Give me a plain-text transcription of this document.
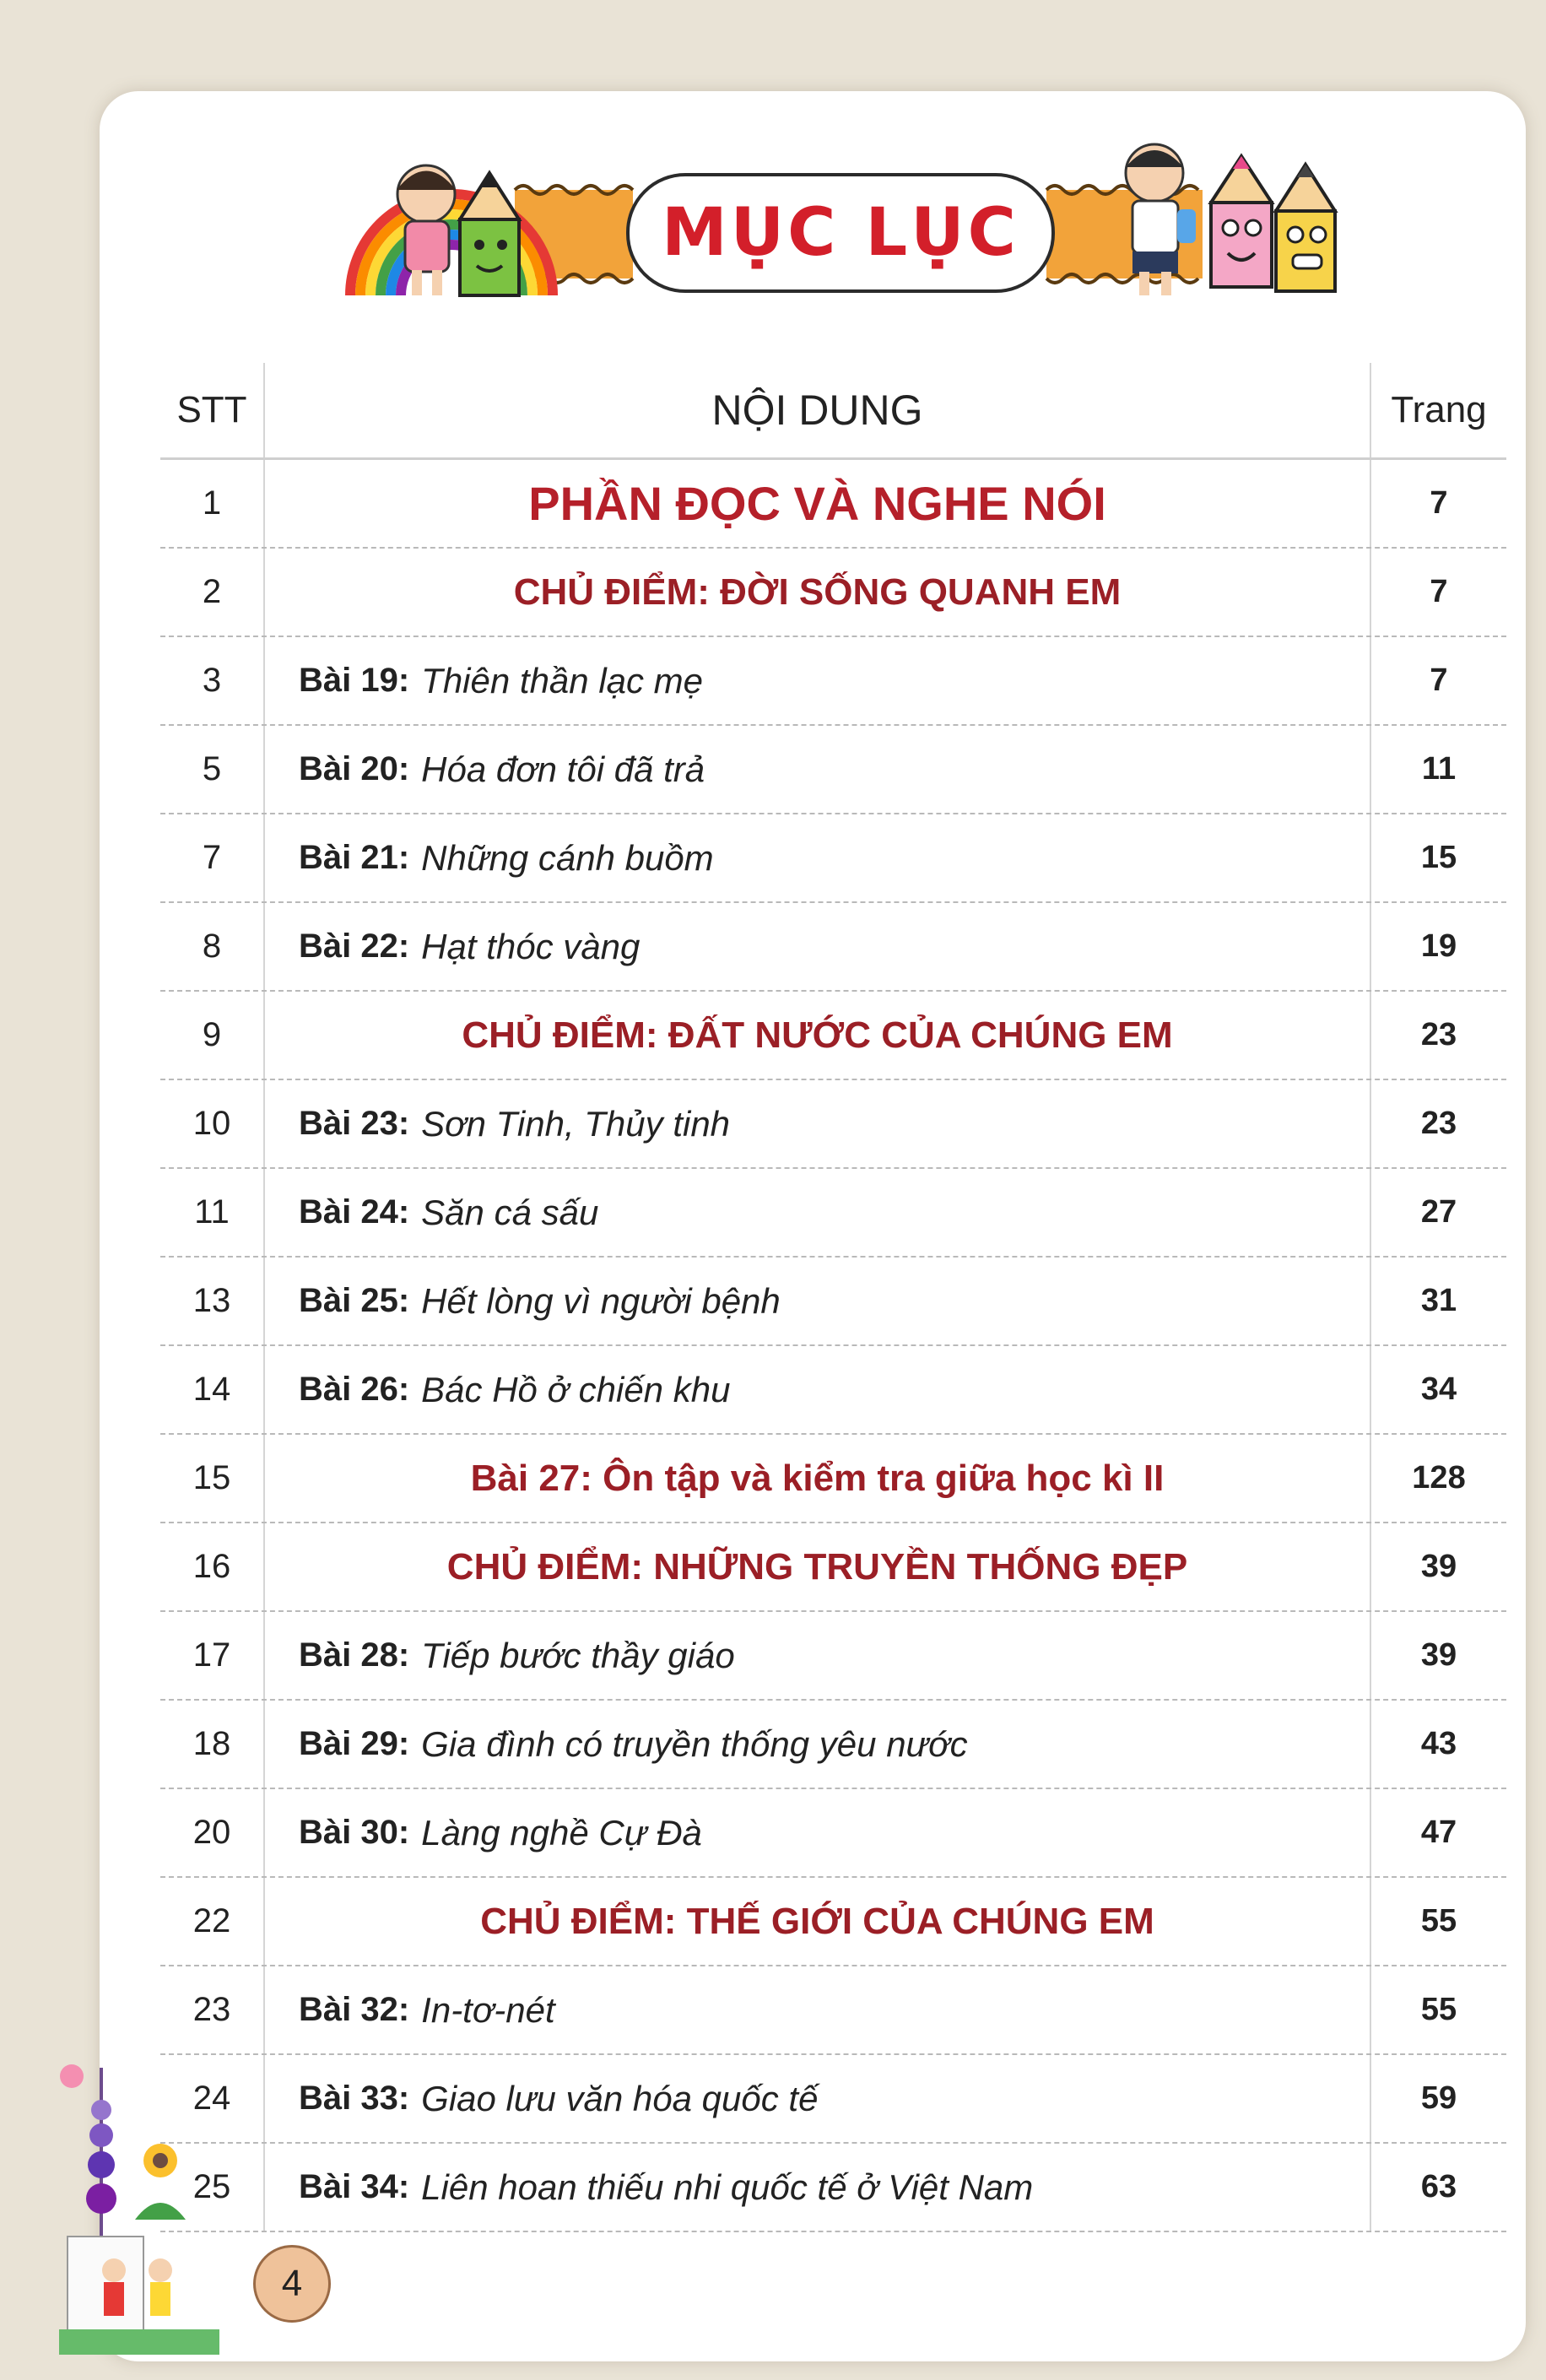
MỤC LỤC
STT	NỘI DUNG	Trang
1	PHẦN ĐỌC VÀ NGHE NÓI	7
2	CHỦ ĐIỂM: ĐỜI SỐNG QUANH EM	7
3	Bài 19: Thiên thần lạc mẹ	7
5	Bài 20: Hóa đơn tôi đã trả	11
7	Bài 21: Những cánh buồm	15
8	Bài 22: Hạt thóc vàng	19
9	CHỦ ĐIỂM: ĐẤT NƯỚC CỦA CHÚNG EM	23
10	Bài 23: Sơn Tinh, Thủy tinh	23
11	Bài 24: Săn cá sấu	27
13	Bài 25: Hết lòng vì người bệnh	31
14	Bài 26: Bác Hồ ở chiến khu	34
15	Bài 27: Ôn tập và kiểm tra giữa học kì II	128
16	CHỦ ĐIỂM: NHỮNG TRUYỀN THỐNG ĐẸP	39
17	Bài 28: Tiếp bước thầy giáo	39
18	Bài 29: Gia đình có truyền thống yêu nước	43
20	Bài 30: Làng nghề Cự Đà	47
22	CHỦ ĐIỂM: THẾ GIỚI CỦA CHÚNG EM	55
23	Bài 32: In-tơ-nét	55
24	Bài 33: Giao lưu văn hóa quốc tế	59
25	Bài 34: Liên hoan thiếu nhi quốc tế ở Việt Nam	63
4
